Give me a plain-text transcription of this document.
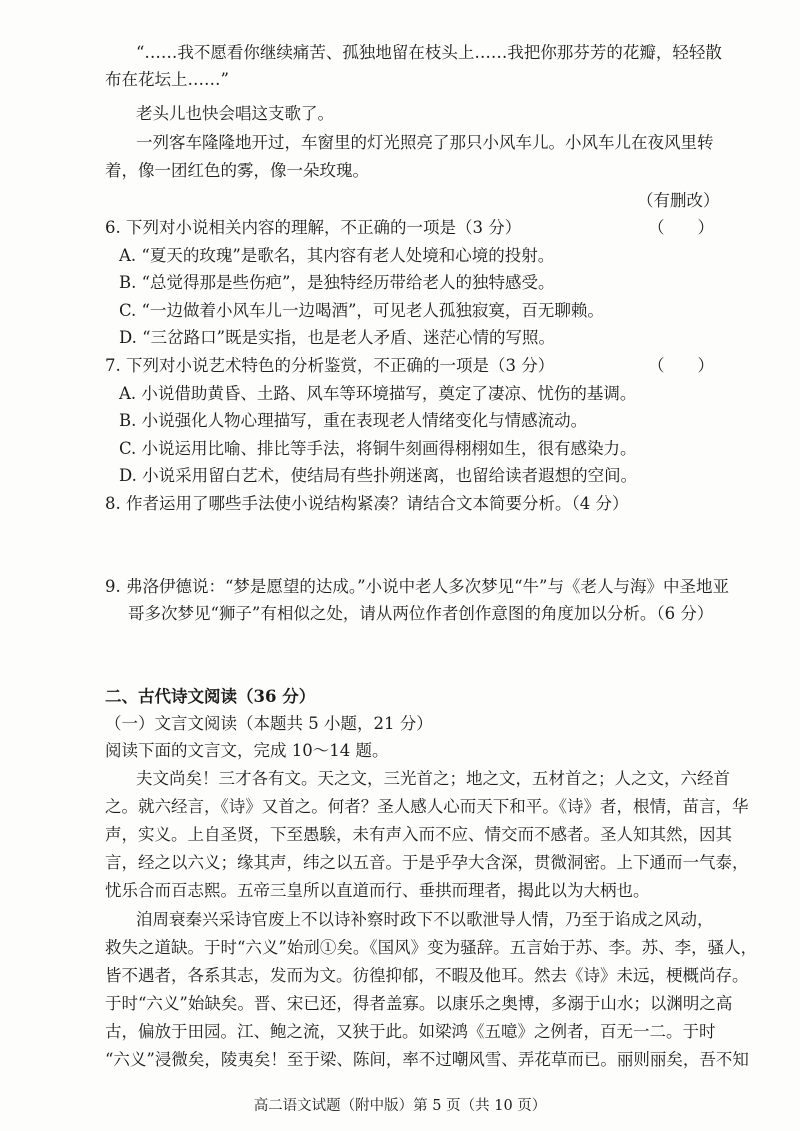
“……我不愿看你继续痛苦、孤独地留在枝头上……我把你那芬芳的花瓣，轻轻散
布在花坛上……”
老头儿也快会唱这支歌了。
一列客车隆隆地开过，车窗里的灯光照亮了那只小风车儿。小风车儿在夜风里转
着，像一团红色的雾，像一朵玫瑰。
（有删改）
6. 下列对小说相关内容的理解，不正确的一项是（3 分）	（　　）
A. “夏天的玫瑰”是歌名，其内容有老人处境和心境的投射。
B. “总觉得那是些伤疤”，是独特经历带给老人的独特感受。
C. “一边做着小风车儿一边喝酒”，可见老人孤独寂寞，百无聊赖。
D. “三岔路口”既是实指，也是老人矛盾、迷茫心情的写照。
7. 下列对小说艺术特色的分析鉴赏，不正确的一项是（3 分）	（　　）
A. 小说借助黄昏、土路、风车等环境描写，奠定了凄凉、忧伤的基调。
B. 小说强化人物心理描写，重在表现老人情绪变化与情感流动。
C. 小说运用比喻、排比等手法，将铜牛刻画得栩栩如生，很有感染力。
D. 小说采用留白艺术，使结局有些扑朔迷离，也留给读者遐想的空间。
8. 作者运用了哪些手法使小说结构紧凑？请结合文本简要分析。（4 分）
9. 弗洛伊德说：“梦是愿望的达成。”小说中老人多次梦见“牛”与《老人与海》中圣地亚
哥多次梦见“狮子”有相似之处，请从两位作者创作意图的角度加以分析。（6 分）
二、古代诗文阅读（36 分）
（一）文言文阅读（本题共 5 小题，21 分）
阅读下面的文言文，完成 10～14 题。
夫文尚矣！三才各有文。天之文，三光首之；地之文，五材首之；人之文，六经首
之。就六经言，《诗》又首之。何者？圣人感人心而天下和平。《诗》者，根情，苗言，华
声，实义。上自圣贤，下至愚騃，未有声入而不应、情交而不感者。圣人知其然，因其
言，经之以六义；缘其声，纬之以五音。于是乎孕大含深，贯微洞密。上下通而一气泰，
忧乐合而百志熙。五帝三皇所以直道而行、垂拱而理者，揭此以为大柄也。
洎周衰秦兴采诗官废上不以诗补察时政下不以歌泄导人情，乃至于谄成之风动，
救失之道缺。于时“六义”始刓①矣。《国风》变为骚辞。五言始于苏、李。苏、李，骚人，
皆不遇者，各系其志，发而为文。彷徨抑郁，不暇及他耳。然去《诗》未远，梗概尚存。
于时“六义”始缺矣。晋、宋已还，得者盖寡。以康乐之奥博，多溺于山水；以渊明之高
古，偏放于田园。江、鲍之流，又狭于此。如梁鸿《五噫》之例者，百无一二。于时
“六义”浸微矣，陵夷矣！至于梁、陈间，率不过嘲风雪、弄花草而已。丽则丽矣，吾不知
高二语文试题（附中版）第 5 页（共 10 页）
